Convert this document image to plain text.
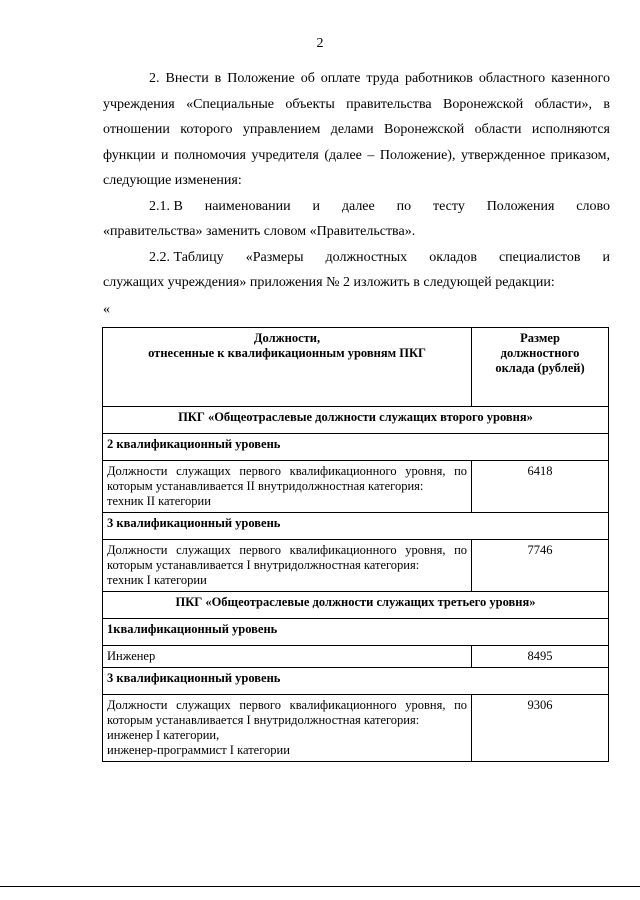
2

2. Внести в Положение об оплате труда работников областного казенного учреждения «Специальные объекты правительства Воронежской области», в отношении которого управлением делами Воронежской области исполняются функции и полномочия учредителя (далее – Положение), утвержденное приказом, следующие изменения:

2.1. В наименовании и далее по тесту Положения слово

«правительства» заменить словом «Правительства».

2.2. Таблицу «Размеры должностных окладов специалистов и

служащих учреждения» приложения № 2 изложить в следующей редакции:

«
Должности,
отнесенные к квалификационным уровням ПКГ	Размер должностного оклада (рублей)

ПКГ «Общеотраслевые должности служащих второго уровня»	
2 квалификационный уровень	

Должности служащих первого квалификационного уровня, по которым устанавливается II внутридолжностная категория:
техник II категории	6418
3 квалификационный уровень	

Должности служащих первого квалификационного уровня, по которым устанавливается I внутридолжностная категория:
техник I категории	7746
ПКГ «Общеотраслевые должности служащих третьего уровня»	
1квалификационный уровень	

Инженер	8495
3 квалификационный уровень	

Должности служащих первого квалификационного уровня, по которым устанавливается I внутридолжностная категория:
инженер I категории,
инженер-программист I категории	9306
